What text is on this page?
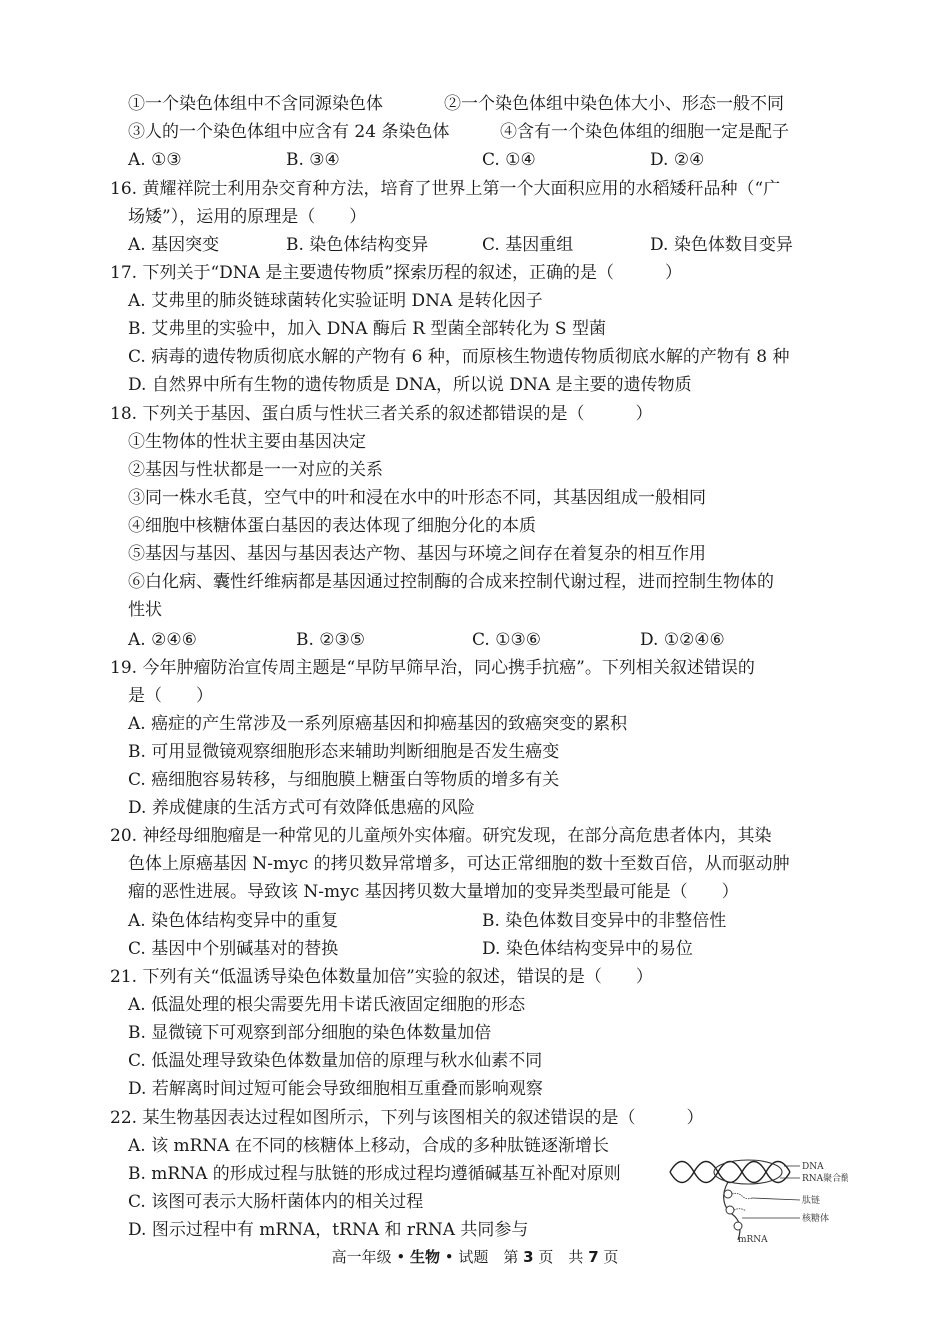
①一个染色体组中不含同源染色体	②一个染色体组中染色体大小、形态一般不同
③人的一个染色体组中应含有 24 条染色体	④含有一个染色体组的细胞一定是配子
A. ①③	B. ③④	C. ①④	D. ②④
16. 黄耀祥院士利用杂交育种方法，培育了世界上第一个大面积应用的水稻矮秆品种（“广
场矮”），运用的原理是（　　）
A. 基因突变	B. 染色体结构变异	C. 基因重组	D. 染色体数目变异
17. 下列关于“DNA 是主要遗传物质”探索历程的叙述，正确的是（　　　）
A. 艾弗里的肺炎链球菌转化实验证明 DNA 是转化因子
B. 艾弗里的实验中，加入 DNA 酶后 R 型菌全部转化为 S 型菌
C. 病毒的遗传物质彻底水解的产物有 6 种，而原核生物遗传物质彻底水解的产物有 8 种
D. 自然界中所有生物的遗传物质是 DNA，所以说 DNA 是主要的遗传物质
18. 下列关于基因、蛋白质与性状三者关系的叙述都错误的是（　　　）
①生物体的性状主要由基因决定
②基因与性状都是一一对应的关系
③同一株水毛茛，空气中的叶和浸在水中的叶形态不同，其基因组成一般相同
④细胞中核糖体蛋白基因的表达体现了细胞分化的本质
⑤基因与基因、基因与基因表达产物、基因与环境之间存在着复杂的相互作用
⑥白化病、囊性纤维病都是基因通过控制酶的合成来控制代谢过程，进而控制生物体的
性状
A. ②④⑥	B. ②③⑤	C. ①③⑥	D. ①②④⑥
19. 今年肿瘤防治宣传周主题是“早防早筛早治，同心携手抗癌”。下列相关叙述错误的
是（　　）
A. 癌症的产生常涉及一系列原癌基因和抑癌基因的致癌突变的累积
B. 可用显微镜观察细胞形态来辅助判断细胞是否发生癌变
C. 癌细胞容易转移，与细胞膜上糖蛋白等物质的增多有关
D. 养成健康的生活方式可有效降低患癌的风险
20. 神经母细胞瘤是一种常见的儿童颅外实体瘤。研究发现，在部分高危患者体内，其染
色体上原癌基因 N-myc 的拷贝数异常增多，可达正常细胞的数十至数百倍，从而驱动肿
瘤的恶性进展。导致该 N-myc 基因拷贝数大量增加的变异类型最可能是（　　）
A. 染色体结构变异中的重复	B. 染色体数目变异中的非整倍性
C. 基因中个别碱基对的替换	D. 染色体结构变异中的易位
21. 下列有关“低温诱导染色体数量加倍”实验的叙述，错误的是（　　）
A. 低温处理的根尖需要先用卡诺氏液固定细胞的形态
B. 显微镜下可观察到部分细胞的染色体数量加倍
C. 低温处理导致染色体数量加倍的原理与秋水仙素不同
D. 若解离时间过短可能会导致细胞相互重叠而影响观察
22. 某生物基因表达过程如图所示，下列与该图相关的叙述错误的是（　　　）
A. 该 mRNA 在不同的核糖体上移动，合成的多种肽链逐渐增长
B. mRNA 的形成过程与肽链的形成过程均遵循碱基互补配对原则
C. 该图可表示大肠杆菌体内的相关过程
D. 图示过程中有 mRNA，tRNA 和 rRNA 共同参与
DNA
RNA聚合酶
肽链
核糖体
mRNA
高一年级 • 生物 • 试题　第 3 页　共 7 页
